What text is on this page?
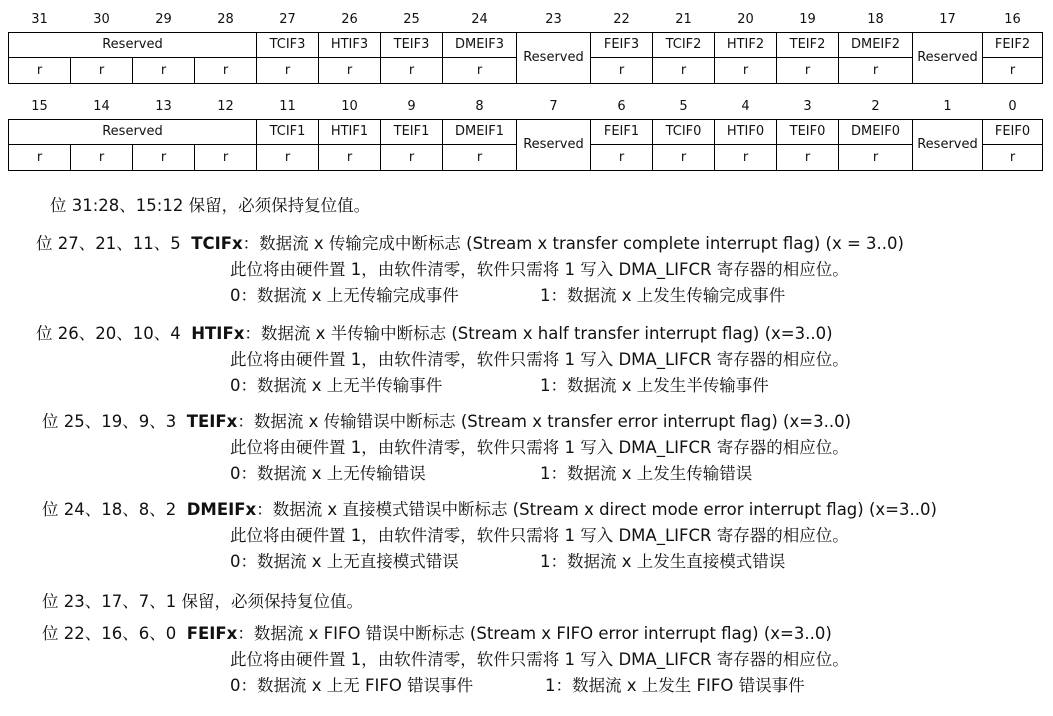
31	30	29	28	27	26	25	24	23	22	21	20	19	18	17	16
Reserved				TCIF3	HTIF3	TEIF3	DMEIF3	Reserved	FEIF3	TCIF2	HTIF2	TEIF2	DMEIF2	Reserved	FEIF2
r	r	r	r	r	r	r	r		r	r	r	r	r		r
15	14	13	12	11	10	9	8	7	6	5	4	3	2	1	0
Reserved				TCIF1	HTIF1	TEIF1	DMEIF1	Reserved	FEIF1	TCIF0	HTIF0	TEIF0	DMEIF0	Reserved	FEIF0
r	r	r	r	r	r	r	r		r	r	r	r	r		r
位 31:28、15:12 保留，必须保持复位值。
位 27、21、11、5 TCIFx：数据流 x 传输完成中断标志 (Stream x transfer complete interrupt flag) (x = 3..0)
此位将由硬件置 1，由软件清零，软件只需将 1 写入 DMA_LIFCR 寄存器的相应位。
0：数据流 x 上无传输完成事件	1：数据流 x 上发生传输完成事件
位 26、20、10、4 HTIFx：数据流 x 半传输中断标志 (Stream x half transfer interrupt flag) (x=3..0)
此位将由硬件置 1，由软件清零，软件只需将 1 写入 DMA_LIFCR 寄存器的相应位。
0：数据流 x 上无半传输事件	1：数据流 x 上发生半传输事件
位 25、19、9、3 TEIFx：数据流 x 传输错误中断标志 (Stream x transfer error interrupt flag) (x=3..0)
此位将由硬件置 1，由软件清零，软件只需将 1 写入 DMA_LIFCR 寄存器的相应位。
0：数据流 x 上无传输错误	1：数据流 x 上发生传输错误
位 24、18、8、2 DMEIFx：数据流 x 直接模式错误中断标志 (Stream x direct mode error interrupt flag) (x=3..0)
此位将由硬件置 1，由软件清零，软件只需将 1 写入 DMA_LIFCR 寄存器的相应位。
0：数据流 x 上无直接模式错误	1：数据流 x 上发生直接模式错误
位 23、17、7、1 保留，必须保持复位值。
位 22、16、6、0 FEIFx：数据流 x FIFO 错误中断标志 (Stream x FIFO error interrupt flag) (x=3..0)
此位将由硬件置 1，由软件清零，软件只需将 1 写入 DMA_LIFCR 寄存器的相应位。
0：数据流 x 上无 FIFO 错误事件	1：数据流 x 上发生 FIFO 错误事件
